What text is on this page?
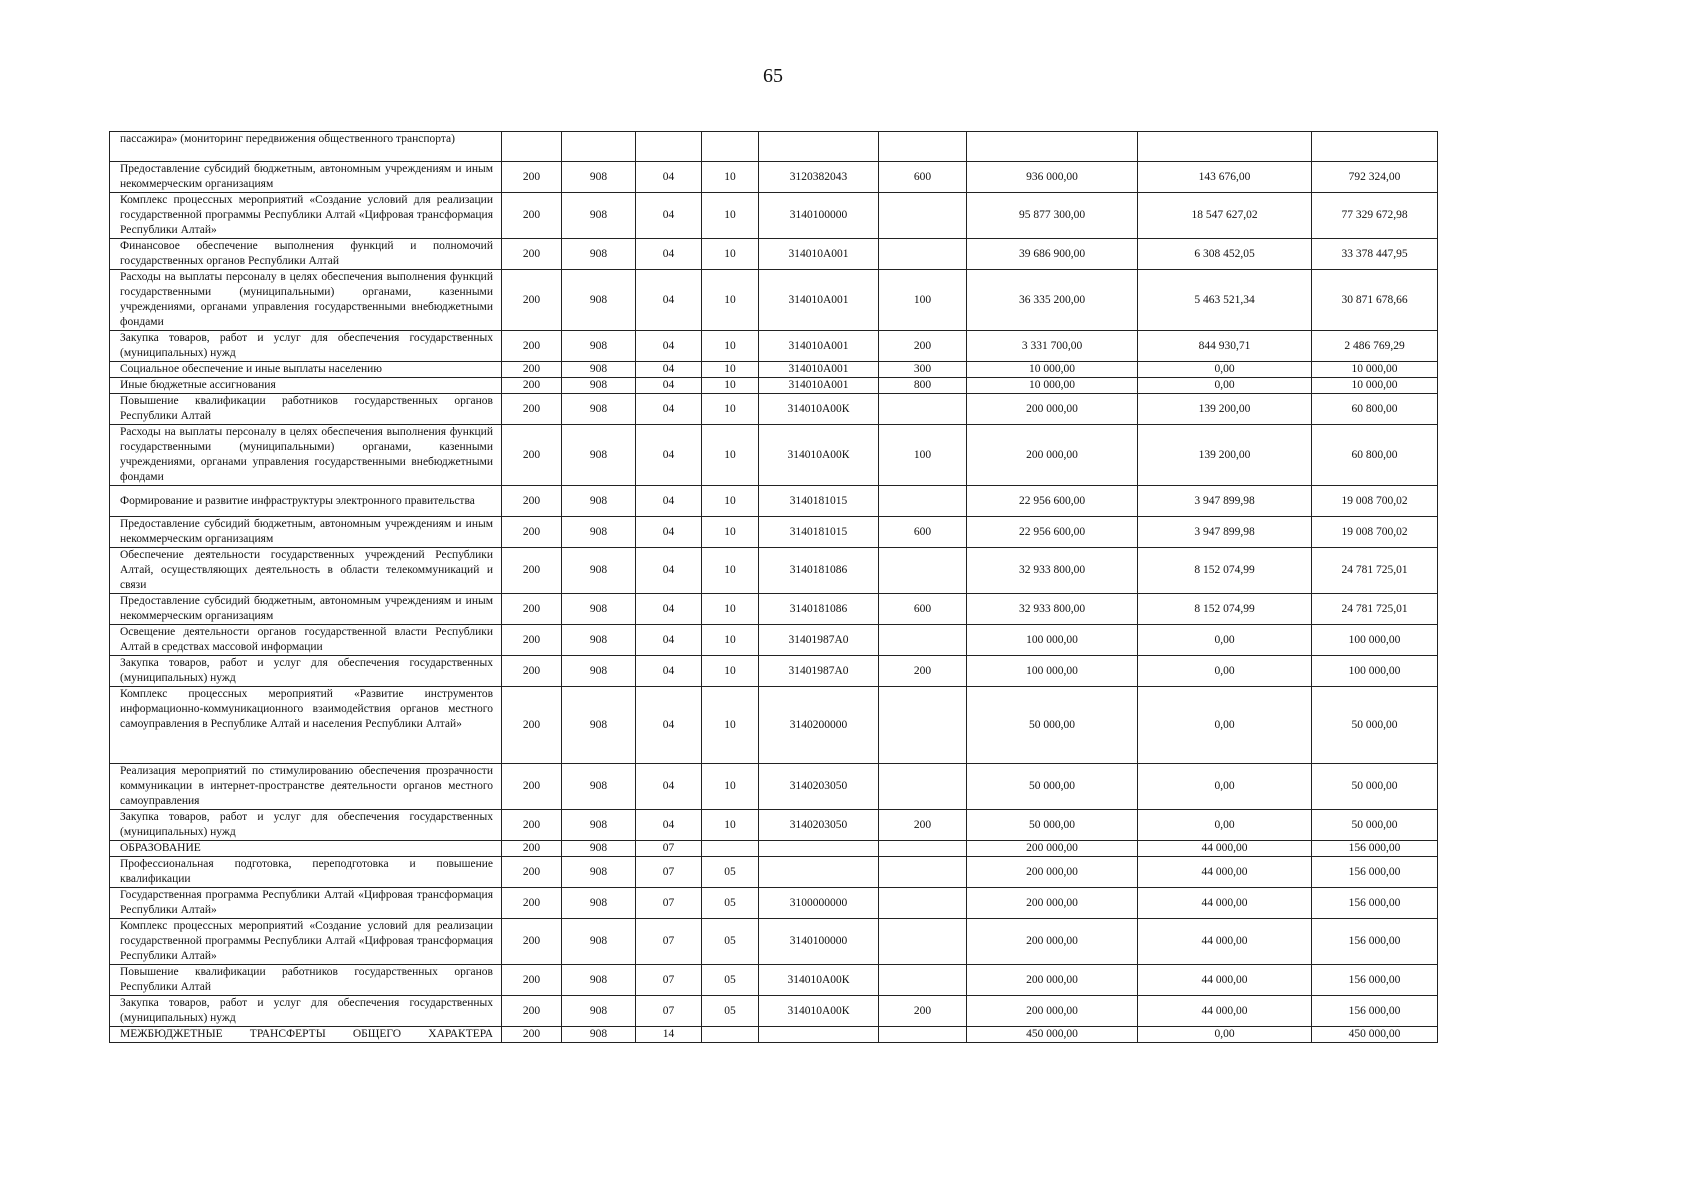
65
пассажира» (мониторинг передвижения общественного транспорта)									
Предоставление субсидий бюджетным, автономным учреждениям и иным некоммерческим организациям	200	908	04	10	3120382043	600	936 000,00	143 676,00	792 324,00
Комплекс процессных мероприятий «Создание условий для реализации государственной программы Республики Алтай «Цифровая трансформация Республики Алтай»	200	908	04	10	3140100000		95 877 300,00	18 547 627,02	77 329 672,98
Финансовое обеспечение выполнения функций и полномочий государственных органов Республики Алтай	200	908	04	10	314010А001		39 686 900,00	6 308 452,05	33 378 447,95
Расходы на выплаты персоналу в целях обеспечения выполнения функций государственными (муниципальными) органами, казенными учреждениями, органами управления государственными внебюджетными фондами	200	908	04	10	314010А001	100	36 335 200,00	5 463 521,34	30 871 678,66
Закупка товаров, работ и услуг для обеспечения государственных (муниципальных) нужд	200	908	04	10	314010А001	200	3 331 700,00	844 930,71	2 486 769,29
Социальное обеспечение и иные выплаты населению	200	908	04	10	314010А001	300	10 000,00	0,00	10 000,00
Иные бюджетные ассигнования	200	908	04	10	314010А001	800	10 000,00	0,00	10 000,00
Повышение квалификации работников государственных органов Республики Алтай	200	908	04	10	314010А00К		200 000,00	139 200,00	60 800,00
Расходы на выплаты персоналу в целях обеспечения выполнения функций государственными (муниципальными) органами, казенными учреждениями, органами управления государственными внебюджетными фондами	200	908	04	10	314010А00К	100	200 000,00	139 200,00	60 800,00
Формирование и развитие инфраструктуры электронного правительства	200	908	04	10	3140181015		22 956 600,00	3 947 899,98	19 008 700,02
Предоставление субсидий бюджетным, автономным учреждениям и иным некоммерческим организациям	200	908	04	10	3140181015	600	22 956 600,00	3 947 899,98	19 008 700,02
Обеспечение деятельности государственных учреждений Республики Алтай, осуществляющих деятельность в области телекоммуникаций и связи	200	908	04	10	3140181086		32 933 800,00	8 152 074,99	24 781 725,01
Предоставление субсидий бюджетным, автономным учреждениям и иным некоммерческим организациям	200	908	04	10	3140181086	600	32 933 800,00	8 152 074,99	24 781 725,01
Освещение деятельности органов государственной власти Республики Алтай в средствах массовой информации	200	908	04	10	31401987А0		100 000,00	0,00	100 000,00
Закупка товаров, работ и услуг для обеспечения государственных (муниципальных) нужд	200	908	04	10	31401987А0	200	100 000,00	0,00	100 000,00
Комплекс процессных мероприятий «Развитие инструментов информационно-коммуникационного взаимодействия органов местного самоуправления в Республике Алтай и населения Республики Алтай»	200	908	04	10	3140200000		50 000,00	0,00	50 000,00
Реализация мероприятий по стимулированию обеспечения прозрачности коммуникации в интернет-пространстве деятельности органов местного самоуправления	200	908	04	10	3140203050		50 000,00	0,00	50 000,00
Закупка товаров, работ и услуг для обеспечения государственных (муниципальных) нужд	200	908	04	10	3140203050	200	50 000,00	0,00	50 000,00
ОБРАЗОВАНИЕ	200	908	07				200 000,00	44 000,00	156 000,00
Профессиональная подготовка, переподготовка и повышение квалификации	200	908	07	05			200 000,00	44 000,00	156 000,00
Государственная программа Республики Алтай «Цифровая трансформация Республики Алтай»	200	908	07	05	3100000000		200 000,00	44 000,00	156 000,00
Комплекс процессных мероприятий «Создание условий для реализации государственной программы Республики Алтай «Цифровая трансформация Республики Алтай»	200	908	07	05	3140100000		200 000,00	44 000,00	156 000,00
Повышение квалификации работников государственных органов Республики Алтай	200	908	07	05	314010А00К		200 000,00	44 000,00	156 000,00
Закупка товаров, работ и услуг для обеспечения государственных (муниципальных) нужд	200	908	07	05	314010А00К	200	200 000,00	44 000,00	156 000,00
МЕЖБЮДЖЕТНЫЕ ТРАНСФЕРТЫ ОБЩЕГО ХАРАКТЕРА	200	908	14				450 000,00	0,00	450 000,00
